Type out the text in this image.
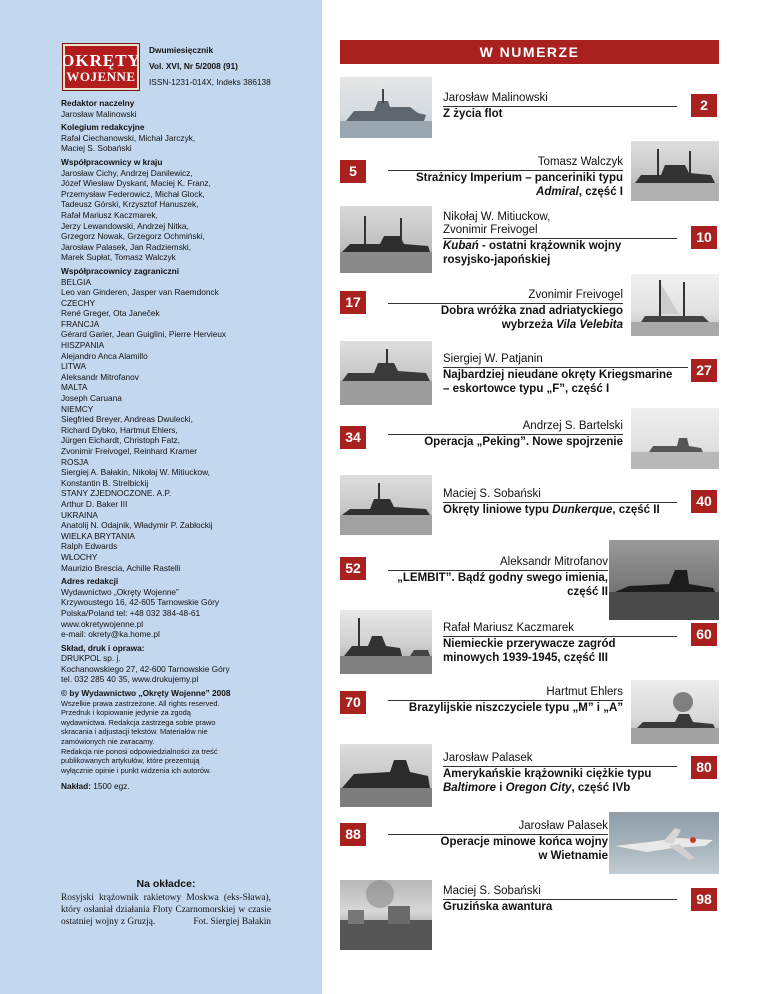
OKRĘTY
WOJENNE
Dwumiesięcznik
Vol. XVI, Nr 5/2008 (91)
ISSN-1231-014X, Indeks 386138
Redaktor naczelny
Jarosław Malinowski
Kolegium redakcyjne
Rafał Ciechanowski, Michał Jarczyk,
Maciej S. Sobański
Współpracownicy w kraju
Jarosław Cichy, Andrzej Danilewicz,
Józef Wiesław Dyskant, Maciej K. Franz,
Przemysław Federowicz, Michał Glock,
Tadeusz Górski, Krzysztof Hanuszek,
Rafał Mariusz Kaczmarek,
Jerzy Lewandowski, Andrzej Nitka,
Grzegorz Nowak, Grzegorz Ochmiński,
Jarosław Palasek, Jan Radziemski,
Marek Supłat, Tomasz Walczyk
Współpracownicy zagraniczni
BELGIA
Leo van Ginderen, Jasper van Raemdonck
CZECHY
René Greger, Ota Janeček
FRANCJA
Gérard Garier, Jean Guiglini, Pierre Hervieux
HISZPANIA
Alejandro Anca Alamillo
LITWA
Aleksandr Mitrofanov
MALTA
Joseph Caruana
NIEMCY
Siegfried Breyer, Andreas Dwulecki,
Richard Dybko, Hartmut Ehlers,
Jürgen Eichardt, Christoph Fatz,
Zvonimir Freivogel, Reinhard Kramer
ROSJA
Siergiej A. Bałakin, Nikołaj W. Mitiuckow,
Konstantin B. Strelbickij
STANY ZJEDNOCZONE. A.P.
Arthur D. Baker III
UKRAINA
Anatolij N. Odajnik, Władymir P. Zabłockij
WIELKA BRYTANIA
Ralph Edwards
WŁOCHY
Maurizio Brescia, Achille Rastelli
Adres redakcji
Wydawnictwo „Okręty Wojenne”
Krzywoustego 16, 42-605 Tarnowskie Góry
Polska/Poland tel: +48 032 384-48-61
www.okretywojenne.pl
e-mail: okrety@ka.home.pl
Skład, druk i oprawa:
DRUKPOL sp. j.
Kochanowskiego 27, 42-600 Tarnowskie Góry
tel. 032 285 40 35, www.drukujemy.pl
© by Wydawnictwo „Okręty Wojenne” 2008
Wszelkie prawa zastrzeżone. All rights reserved.
Przedruk i kopiowanie jedynie za zgodą
wydawnictwa. Redakcja zastrzega sobie prawo
skracania i adjustacji tekstów. Materiałów nie
zamówionych nie zwracamy.
Redakcja nie ponosi odpowiedzialności za treść
publikowanych artykułów, które prezentują
wyłącznie opinie i punkt widzenia ich autorów.
Nakład: 1500 egz.
Na okładce:
Rosyjski krążownik rakietowy Moskwa (eks-Sława), który osłaniał działania Floty Czarnomorskiej w czasie ostatniej wojny z Gruzją.	Fot. Siergiej Bałakin
W NUMERZE
Jarosław Malinowski
Z życia flot
2
Tomasz Walczyk
Strażnicy Imperium – panceriniki typu
Admiral, część I
5
Nikołaj W. Mitiuckow,
Zvonimir Freivogel
Kubań - ostatni krążownik wojny
rosyjsko-japońskiej
10
Zvonimir Freivogel
Dobra wróżka znad adriatyckiego
wybrzeża Vila Velebita
17
Siergiej W. Patjanin
Najbardziej nieudane okręty Kriegsmarine
– eskortowce typu „F”, część I
27
Andrzej S. Bartelski
Operacja „Peking”. Nowe spojrzenie
34
Maciej S. Sobański
Okręty liniowe typu Dunkerque, część II
40
Aleksandr Mitrofanov
„LEMBIT”. Bądź godny swego imienia,
część II
52
Rafał Mariusz Kaczmarek
Niemieckie przerywacze zagród
minowych 1939-1945, część III
60
Hartmut Ehlers
Brazylijskie niszczyciele typu „M” i „A”
70
Jarosław Palasek
Amerykańskie krążowniki ciężkie typu
Baltimore i Oregon City, część IVb
80
Jarosław Palasek
Operacje minowe końca wojny
w Wietnamie
88
Maciej S. Sobański
Gruzińska awantura	98
